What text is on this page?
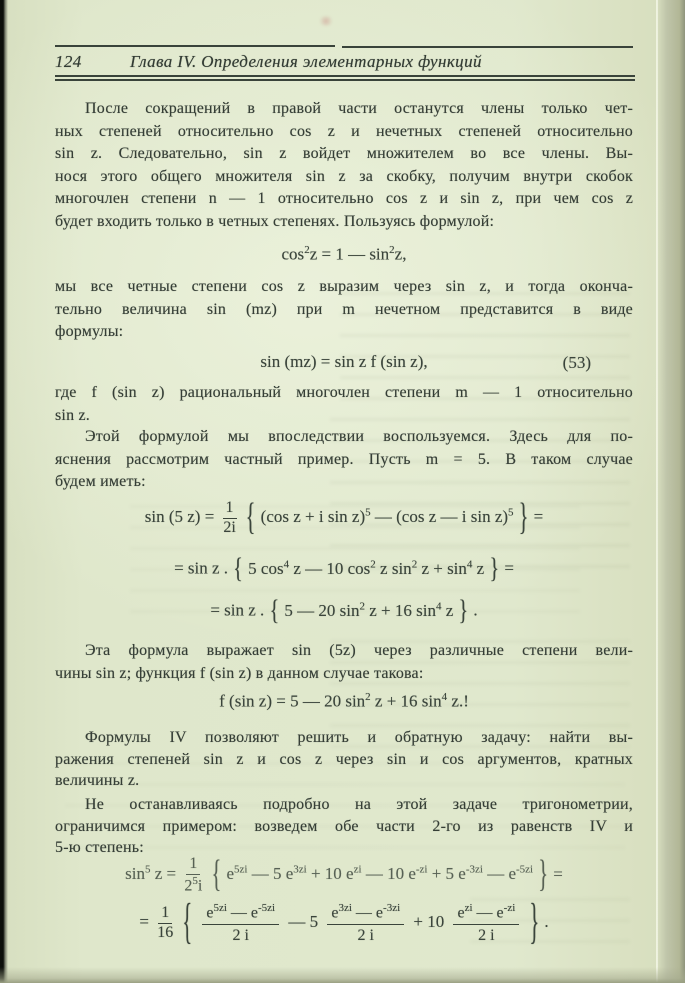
124	Глава IV. Определения элементарных функций
После сокращений в правой части останутся члены только чет-
ных степеней относительно cos z и нечетных степеней относительно
sin z. Следовательно, sin z войдет множителем во все члены. Вы-
нося этого общего множителя sin z за скобку, получим внутри скобок
многочлен степени n — 1 относительно cos z и sin z, при чем cos z
будет входить только в четных степенях. Пользуясь формулой:
$\cos^2z = 1$ — $\sin^2z$,
мы все четные степени cos z выразим через sin z, и тогда оконча-
тельно величина sin (mz) при m нечетном представится в виде
формулы:
sin (mz) = sin z f (sin z),	(53)
где f (sin z) рациональный многочлен степени m — 1 относительно
sin z.
Этой формулой мы впоследствии воспользуемся. Здесь для по-
яснения рассмотрим частный пример. Пусть m = 5. В таком случае
будем иметь:
sin (5 $z) = \frac{1}{2i}$ { (cos z + i sin z)$^5$ — (cos z — i sin z)$^5$ } =
= sin z . { 5 $\cos^4 z$ — 10 $\cos^2 z$ $\sin^2 z + \sin^4 z$ } =
= sin z . { 5 — 20 $\sin^2 z + 16$ $\sin^4 z$ } .
Эта формула выражает sin (5z) через различные степени вели-
чины sin z; функция f (sin z) в данном случае такова:
f (sin z) = 5 — 20 $\sin^2 z + 16$ $\sin^4 z$.!
Формулы IV позволяют решить и обратную задачу: найти вы-
ражения степеней sin z и cos z через sin и cos аргументов, кратных
величины z.
Не останавливаясь подробно на этой задаче тригонометрии,
ограничимся примером: возведем обе части 2-го из равенств IV и
5-ю степень:
$\sin^5 z = \frac{1}{2^5i}$ { $e^{5zi}$ — 5 $e^{3zi} + 10$ $e^{zi}$ — 10 $e^{-zi} + 5$ $e^{-3zi}$ — $e^{-5zi}$ } =
= $\frac{1}{16}$ { $\frac{e^{5zi} — e^{-5zi}}{2 i}$ — $5 \frac{e^{3zi} — e^{-3zi}}{2 i} + 10 \frac{e^{zi} — e^{-zi}}{2 i}$ } .
